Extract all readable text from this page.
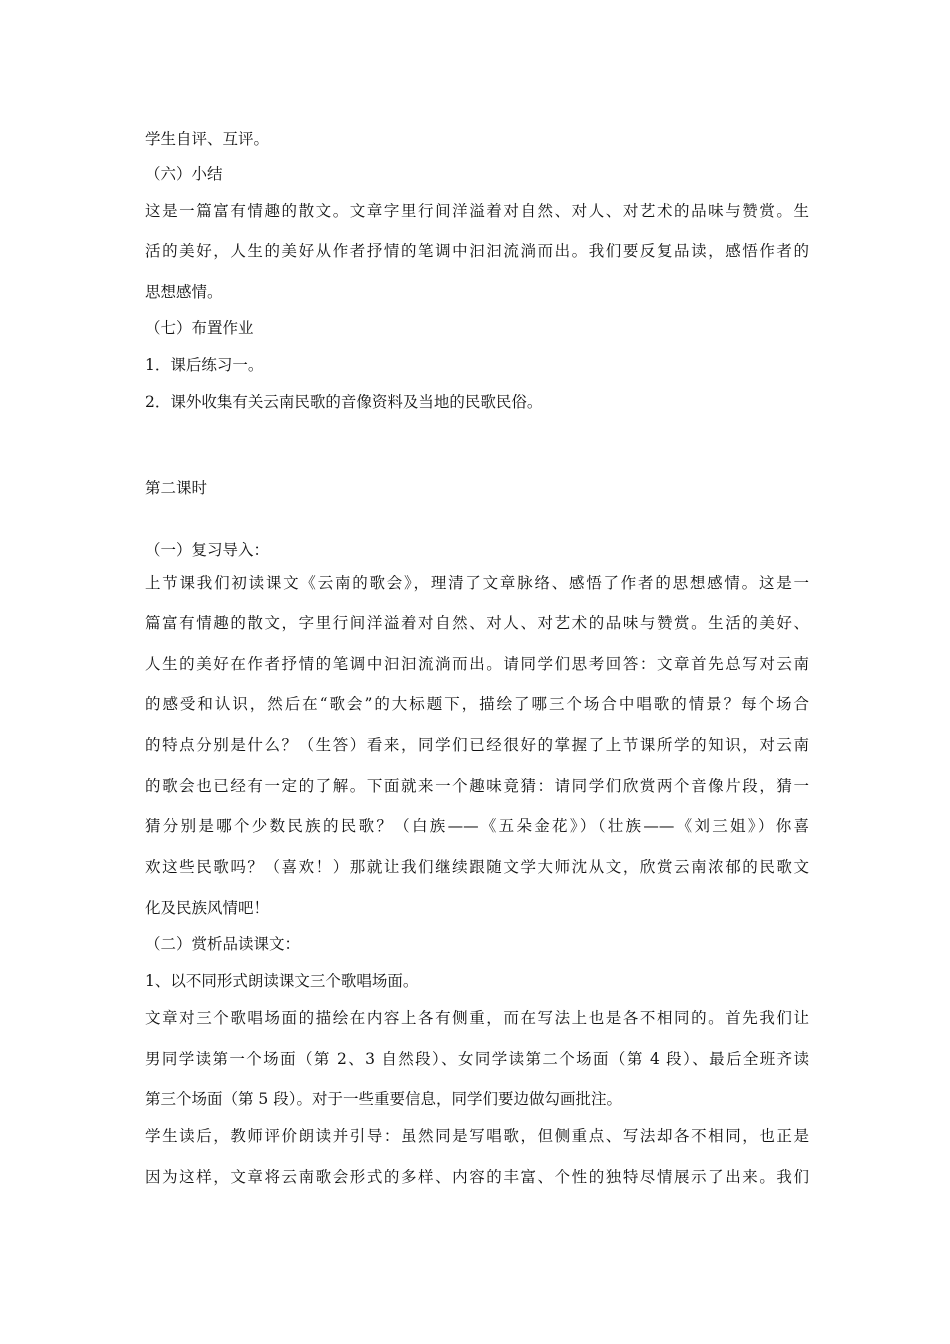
学生自评、互评。
（六）小结
这是一篇富有情趣的散文。文章字里行间洋溢着对自然、对人、对艺术的品味与赞赏。生
活的美好，人生的美好从作者抒情的笔调中汩汩流淌而出。我们要反复品读，感悟作者的
思想感情。
（七）布置作业
1．课后练习一。
2．课外收集有关云南民歌的音像资料及当地的民歌民俗。
第二课时
（一）复习导入：
上节课我们初读课文《云南的歌会》，理清了文章脉络、感悟了作者的思想感情。这是一
篇富有情趣的散文，字里行间洋溢着对自然、对人、对艺术的品味与赞赏。生活的美好、
人生的美好在作者抒情的笔调中汩汩流淌而出。请同学们思考回答：文章首先总写对云南
的感受和认识，然后在“歌会”的大标题下，描绘了哪三个场合中唱歌的情景？每个场合
的特点分别是什么？（生答）看来，同学们已经很好的掌握了上节课所学的知识，对云南
的歌会也已经有一定的了解。下面就来一个趣味竟猜：请同学们欣赏两个音像片段，猜一
猜分别是哪个少数民族的民歌？（白族——《五朵金花》）（壮族——《刘三姐》）你喜
欢这些民歌吗？（喜欢！）那就让我们继续跟随文学大师沈从文，欣赏云南浓郁的民歌文
化及民族风情吧！
（二）赏析品读课文：
1、以不同形式朗读课文三个歌唱场面。
文章对三个歌唱场面的描绘在内容上各有侧重，而在写法上也是各不相同的。首先我们让
男同学读第一个场面（第 2、3 自然段）、女同学读第二个场面（第 4 段）、最后全班齐读
第三个场面（第 5 段）。对于一些重要信息，同学们要边做勾画批注。
学生读后，教师评价朗读并引导：虽然同是写唱歌，但侧重点、写法却各不相同，也正是
因为这样，文章将云南歌会形式的多样、内容的丰富、个性的独特尽情展示了出来。我们
